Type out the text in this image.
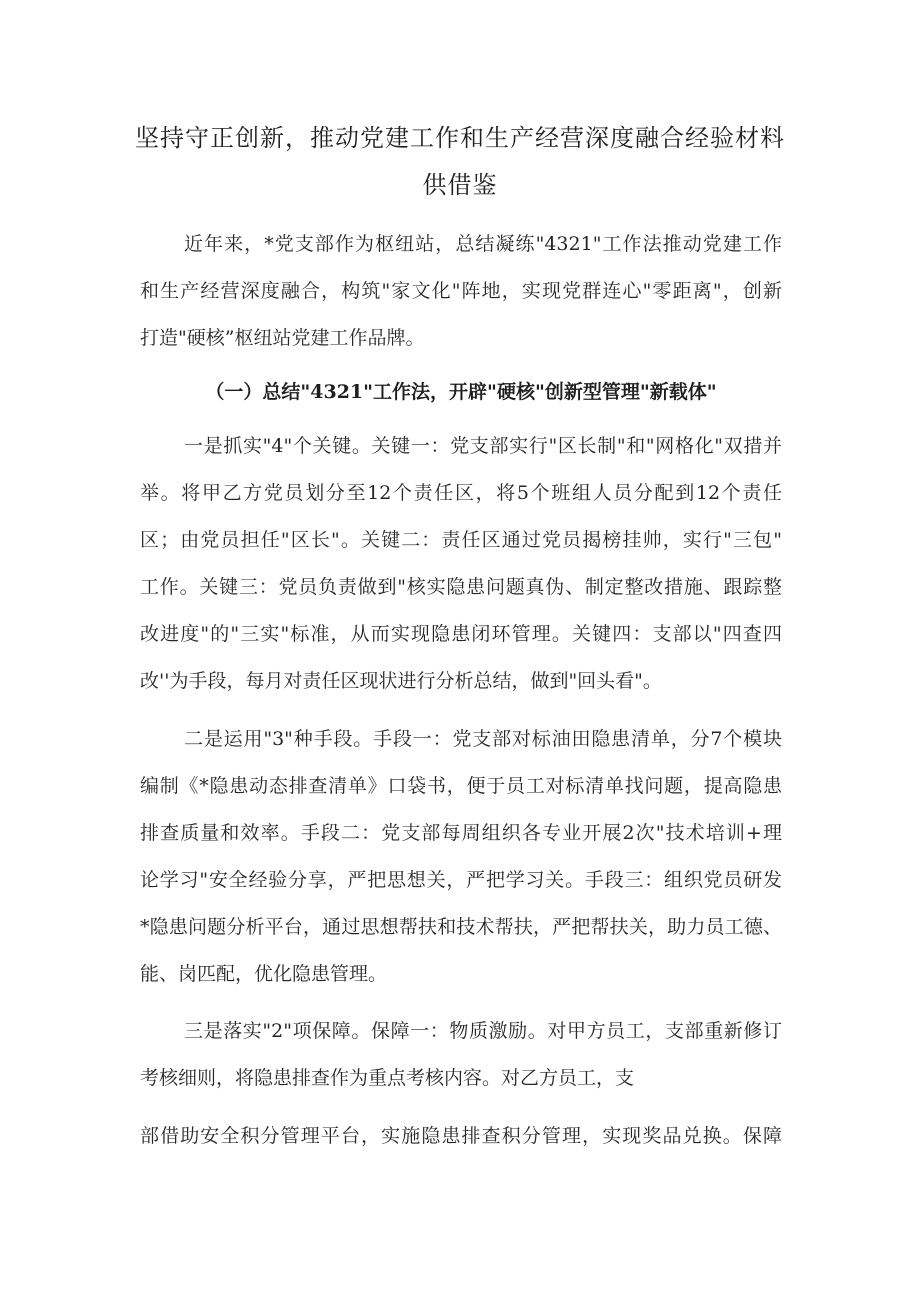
坚持守正创新，推动党建工作和生产经营深度融合经验材料
供借鉴
近年来，*党支部作为枢纽站，总结凝练"4321"工作法推动党建工作
和生产经营深度融合，构筑"家文化"阵地，实现党群连心"零距离"，创新
打造"硬核”枢纽站党建工作品牌。
（一）总结"4321"工作法，开辟"硬核"创新型管理"新载体"
一是抓实"4"个关键。关键一：党支部实行"区长制"和"网格化"双措并
举。将甲乙方党员划分至12个责任区，将5个班组人员分配到12个责任
区；由党员担任"区长"。关键二：责任区通过党员揭榜挂帅，实行"三包"
工作。关键三：党员负责做到"核实隐患问题真伪、制定整改措施、跟踪整
改进度"的"三实"标准，从而实现隐患闭环管理。关键四：支部以"四查四
改''为手段，每月对责任区现状进行分析总结，做到"回头看"。
二是运用"3"种手段。手段一：党支部对标油田隐患清单，分7个模块
编制《*隐患动态排查清单》口袋书，便于员工对标清单找问题，提高隐患
排查质量和效率。手段二：党支部每周组织各专业开展2次"技术培训+理
论学习"安全经验分享，严把思想关，严把学习关。手段三：组织党员研发
*隐患问题分析平台，通过思想帮扶和技术帮扶，严把帮扶关，助力员工德、
能、岗匹配，优化隐患管理。
三是落实"2"项保障。保障一：物质激励。对甲方员工，支部重新修订
考核细则，将隐患排查作为重点考核内容。对乙方员工，支
部借助安全积分管理平台，实施隐患排查积分管理，实现奖品兑换。保障
